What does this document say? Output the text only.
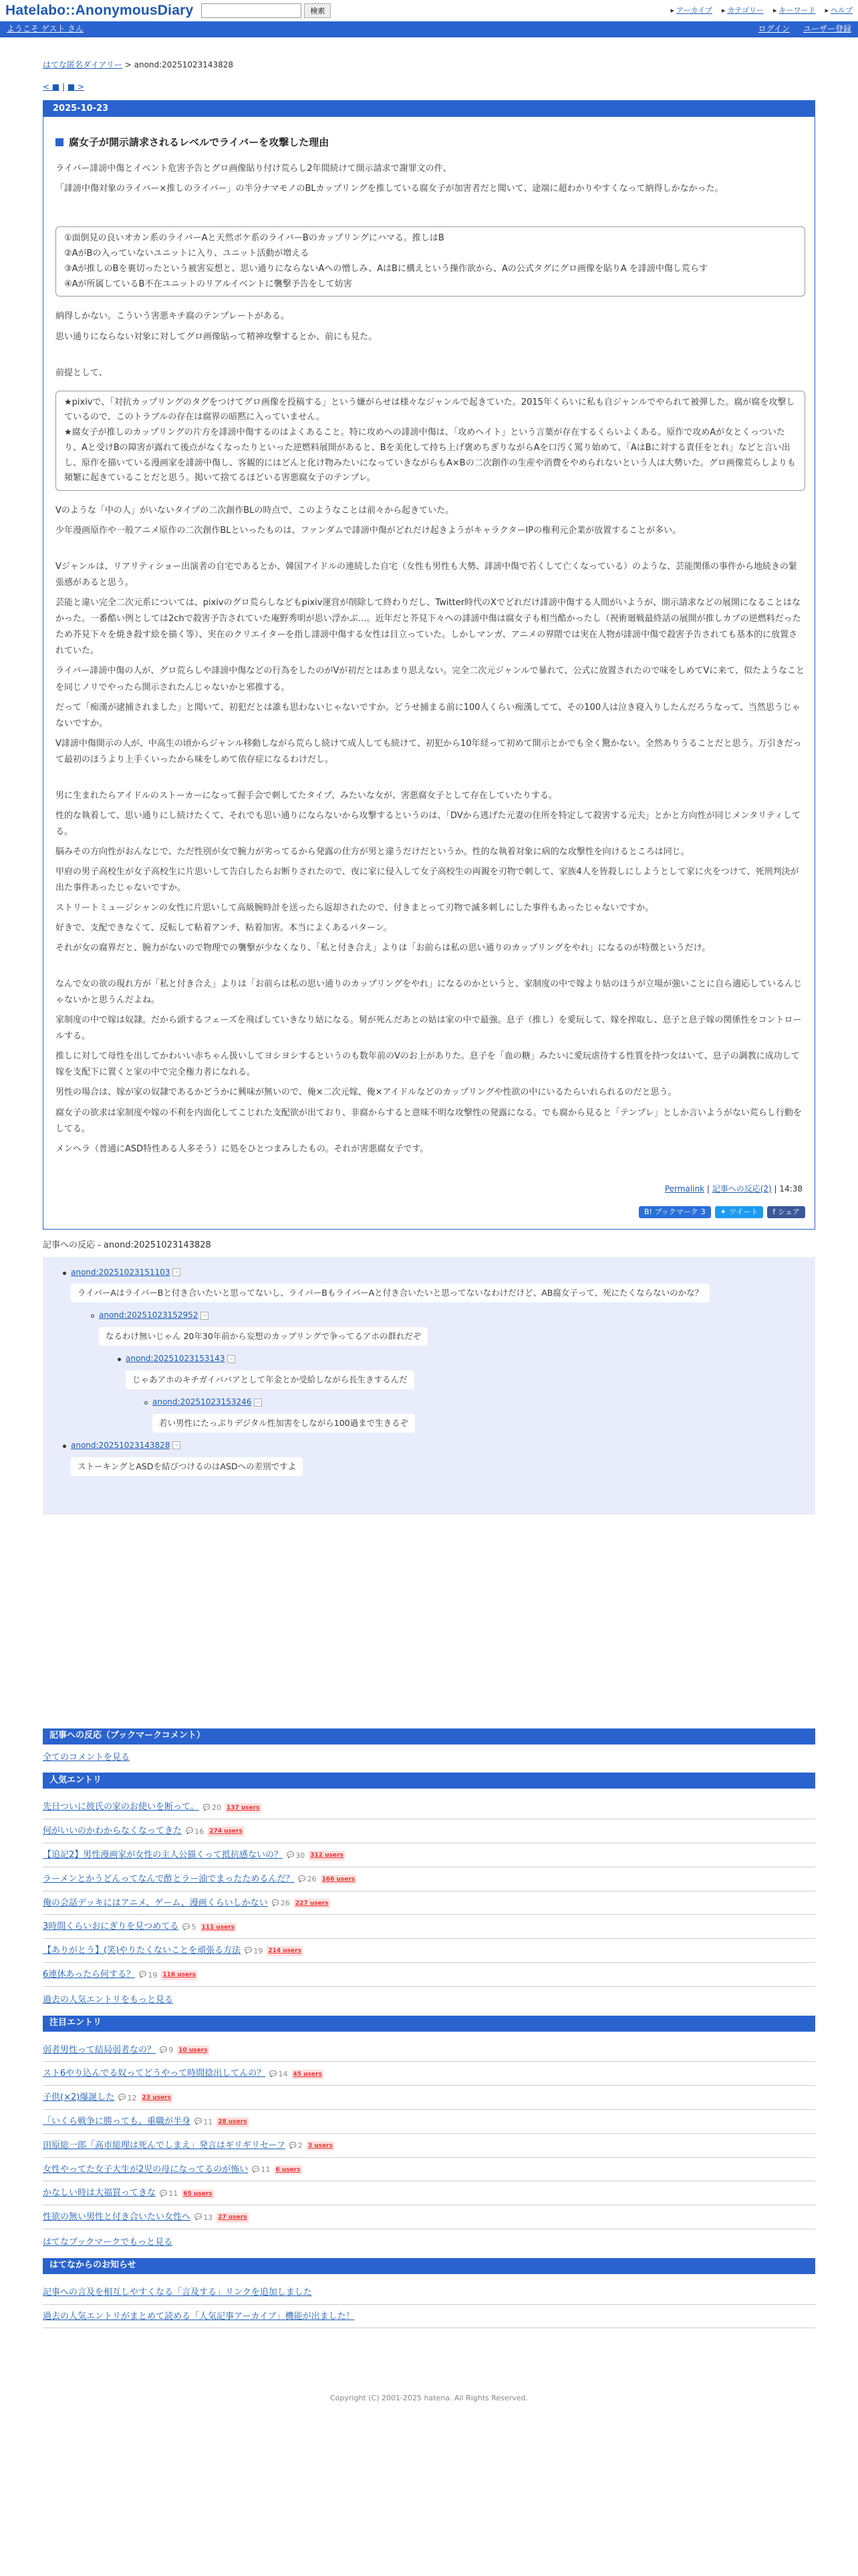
Hatelabo::AnonymousDiary	検索	▸ アーカイブ ▸ カテゴリー ▸ キーワード ▸ ヘルプ
ようこそ ゲスト さん	ログイン ユーザー登録
はてな匿名ダイアリー > anond:20251023143828
< ■ | ■ >
2025-10-23
腐女子が開示請求されるレベルでライバーを攻撃した理由

ライバー誹謗中傷とイベント危害予告とグロ画像貼り付け荒らし2年間続けて開示請求で謝罪文の件、

「誹謗中傷対象のライバー×推しのライバー」の半分ナマモノのBLカップリングを推している腐女子が加害者だと聞いて、途端に超わかりやすくなって納得しかなかった。

①面倒見の良いオカン系のライバーAと天然ボケ系のライバーBのカップリングにハマる。推しはB

②AがBの入っていないユニットに入り、ユニット活動が増える

③Aが推しのBを裏切ったという被害妄想と、思い通りにならないAへの憎しみ、AはBに構えという操作欲から、Aの公式タグにグロ画像を貼りA を誹謗中傷し荒らす

④Aが所属しているB不在ユニットのリアルイベントに襲撃予告をして妨害

納得しかない。こういう害悪キチ腐のテンプレートがある。

思い通りにならない対象に対してグロ画像貼って精神攻撃するとか、前にも見た。

前提として、

★pixivで、「対抗カップリングのタグをつけてグロ画像を投稿する」という嫌がらせは様々なジャンルで起きていた。2015年くらいに私も自ジャンルでやられて被弾した。腐が腐を攻撃しているので、このトラブルの存在は腐界の暗黙に入っていません。

★腐女子が推しのカップリングの片方を誹謗中傷するのはよくあること。特に攻めへの誹謗中傷は、「攻めヘイト」という言葉が存在するくらいよくある。原作で攻めAが女とくっついたり、Aと受けBの障害が露れて後点がなくなったりといった逆燃料展開があると、Bを美化して持ち上げ褒めちぎりながらAを口汚く罵り始めて、「AはBに対する責任をとれ」などと言い出し、原作を描いている漫画家を誹謗中傷し、客観的にはどんと化け物みたいになっていきながらもA×Bの二次創作の生産や消費をやめられないという人は大勢いた。グロ画像荒らしよりも頻繁に起きていることだと思う。掲いて捨てるほどいる害悪腐女子のテンプレ。

Vのような「中の人」がいないタイプの二次創作BLの時点で、このようなことは前々から起きていた。

少年漫画原作や一般アニメ原作の二次創作BLといったものは、ファンダムで誹謗中傷がどれだけ起きようがキャラクターIPの権利元企業が放置することが多い。

Vジャンルは、リアリティショー出演者の自宅であるとか、韓国アイドルの連続した自宅（女性も男性も大勢、誹謗中傷で若くして亡くなっている）のような、芸能関係の事件から地続きの緊張感があると思う。

芸能と違い完全二次元系については、pixivのグロ荒らしなどもpixiv運営が削除して終わりだし、Twitter時代のXでどれだけ誹謗中傷する人間がいようが、開示請求などの展開になることはなかった。一番酷い例としては2chで殺害予告されていた庵野秀明が思い浮かぶ…。近年だと芥見下々への誹謗中傷は腐女子も相当酷かったし（祝術廻戦最終話の展開が推しカプの逆燃料だったため芥見下々を焼き殺す絵を描く等）、実在のクリエイターを指し誹謗中傷する女性は目立っていた。しかしマンガ、アニメの界隈では実在人物が誹謗中傷で殺害予告されても基本的に放置されていた。

ライバー誹謗中傷の人が、グロ荒らしや誹謗中傷などの行為をしたのがVが初だとはあまり思えない。完全二次元ジャンルで暴れて、公式に放置されたので味をしめてVに来て、似たようなことを同じノリでやったら開示されたんじゃないかと邪推する。

だって「痴漢が逮捕されました」と聞いて、初犯だとは誰も思わないじゃないですか。どうせ捕まる前に100人くらい痴漢してて、その100人は泣き寝入りしたんだろうなって、当然思うじゃないですか。

V誹謗中傷開示の人が、中高生の頃からジャンル移動しながら荒らし続けて成人しても続けて、初犯から10年経って初めて開示とかでも全く驚かない。全然ありうることだと思う。万引きだって最初のほうより上手くいったから味をしめて依存症になるわけだし。

男に生まれたらアイドルのストーカーになって握手会で刺してたタイプ、みたいな女が、害悪腐女子として存在していたりする。

性的な執着して、思い通りにし続けたくて、それでも思い通りにならないから攻撃するというのは、「DVから逃げた元妻の住所を特定して殺害する元夫」とかと方向性が同じメンタリティしてる。

脳みその方向性がおんなじで、ただ性別が女で腕力が劣ってるから発露の仕方が男と違うだけだというか。性的な執着対象に病的な攻撃性を向けるところは同じ。

甲府の男子高校生が女子高校生に片思いして告白したらお断りされたので、夜に家に侵入して女子高校生の両親を刃物で刺して、家族4人を皆殺しにしようとして家に火をつけて、死刑判決が出た事件あったじゃないですか。

ストリートミュージシャンの女性に片思いして高級腕時計を送ったら返却されたので、付きまとって刃物で滅多刺しにした事件もあったじゃないですか。

好きで、支配できなくて、反転して粘着アンチ、粘着加害。本当によくあるパターン。

それが女の腐界だと、腕力がないので物理での襲撃が少なくなり、「私と付き合え」よりは「お前らは私の思い通りのカップリングをやれ」になるのが特徴というだけ。

なんで女の欲の現れ方が「私と付き合え」よりは「お前らは私の思い通りのカップリングをやれ」になるのかというと、家制度の中で嫁より姑のほうが立場が強いことに自ら適応しているんじゃないかと思うんだよね。

家制度の中で嫁は奴隷。だから頭するフェーズを飛ばしていきなり姑になる。舅が死んだあとの姑は家の中で最強。息子（推し）を愛玩して、嫁を搾取し、息子と息子嫁の関係性をコントロールする。

推しに対して母性を出してかわいい赤ちゃん扱いしてヨシヨシするというのも数年前のVのお上がありた。息子を「血の糖」みたいに愛玩虐待する性質を持つ女はいて、息子の調教に成功して嫁を支配下に置くと家の中で完全権力者になれる。

男性の場合は、嫁が家の奴隷であるかどうかに興味が無いので、俺×二次元嫁、俺×アイドルなどのカップリングや性欲の中にいるたらいれられるのだと思う。

腐女子の欲求は家制度や嫁の不利を内面化してこじれた支配欲が出ており、非腐からすると意味不明な攻撃性の発露になる。でも腐から見ると「テンプレ」としか言いようがない荒らし行動をしてる。

メンヘラ（普通にASD特性ある人多そう）に処をひとつまみしたもの。それが害悪腐女子です。

Permalink | 記事への反応(2) | 14:38
B! ブックマーク 3 ✦ ツイート f シェア
記事への反応 - anond:20251023143828
anond:20251023151103 –
ライバーAはライバーBと付き合いたいと思ってないし、ライバーBもライバーAと付き合いたいと思ってないなわけだけど、AB腐女子って、死にたくならないのかな？
anond:20251023152952 –
なるわけ無いじゃん 20年30年前から妄想のカップリングで争ってるアホの群れだぞ
anond:20251023153143 –
じゃあアホのキチガイババアとして年金とか受給しながら長生きするんだ
anond:20251023153246 –
若い男性にたっぷりデジタル性加害をしながら100過まで生きるぞ
anond:20251023143828 –
ストーキングとASDを結びつけるのはASDへの差別ですよ
記事への反応（ブックマークコメント）
全てのコメントを見る
人気エントリ
先日ついに彼氏の家のお使いを断って。 💬 20 137 users
何がいいのかわからなくなってきた 💬 16 274 users
【追記2】男性漫画家が女性の主人公描くって抵抗感ないの？ 💬 30 312 users
ラーメンとかうどんってなんで酢とラー油でまったためるんだ？ 💬 26 166 users
俺の会話デッキにはアニメ、ゲーム、漫画くらいしかない 💬 26 227 users
3時間くらいおにぎりを見つめてる 💬 5 111 users
【ありがとう】(笑)やりたくないことを頑張る方法 💬 19 214 users
6連休あったら何する？ 💬 19 116 users
過去の人気エントリをもっと見る
注目エントリ
弱者男性って結局弱者なの？ 💬 9 10 users
スト6やり込んでる奴ってどうやって時間捻出してんの？ 💬 14 45 users
子供(×2)爆誕した 💬 12 23 users
「いくら戦争に勝っても、重職が半身 💬 11 28 users
田原総一郎「高市総理は死んでしまえ」発言はギリギリセーフ 💬 2 3 users
女性やってた女子大生が2児の母になってるのが怖い 💬 11 6 users
かなしい時は大福買ってきな 💬 11 65 users
性欲の無い男性と付き合いたい女性へ 💬 13 27 users
はてなブックマークでもっと見る
はてなからのお知らせ
記事への言及を相互しやすくなる「言及する」リンクを追加しました
過去の人気エントリがまとめて読める「人気記事アーカイブ」機能が出ました！
Copyright (C) 2001-2025 hatena. All Rights Reserved.
